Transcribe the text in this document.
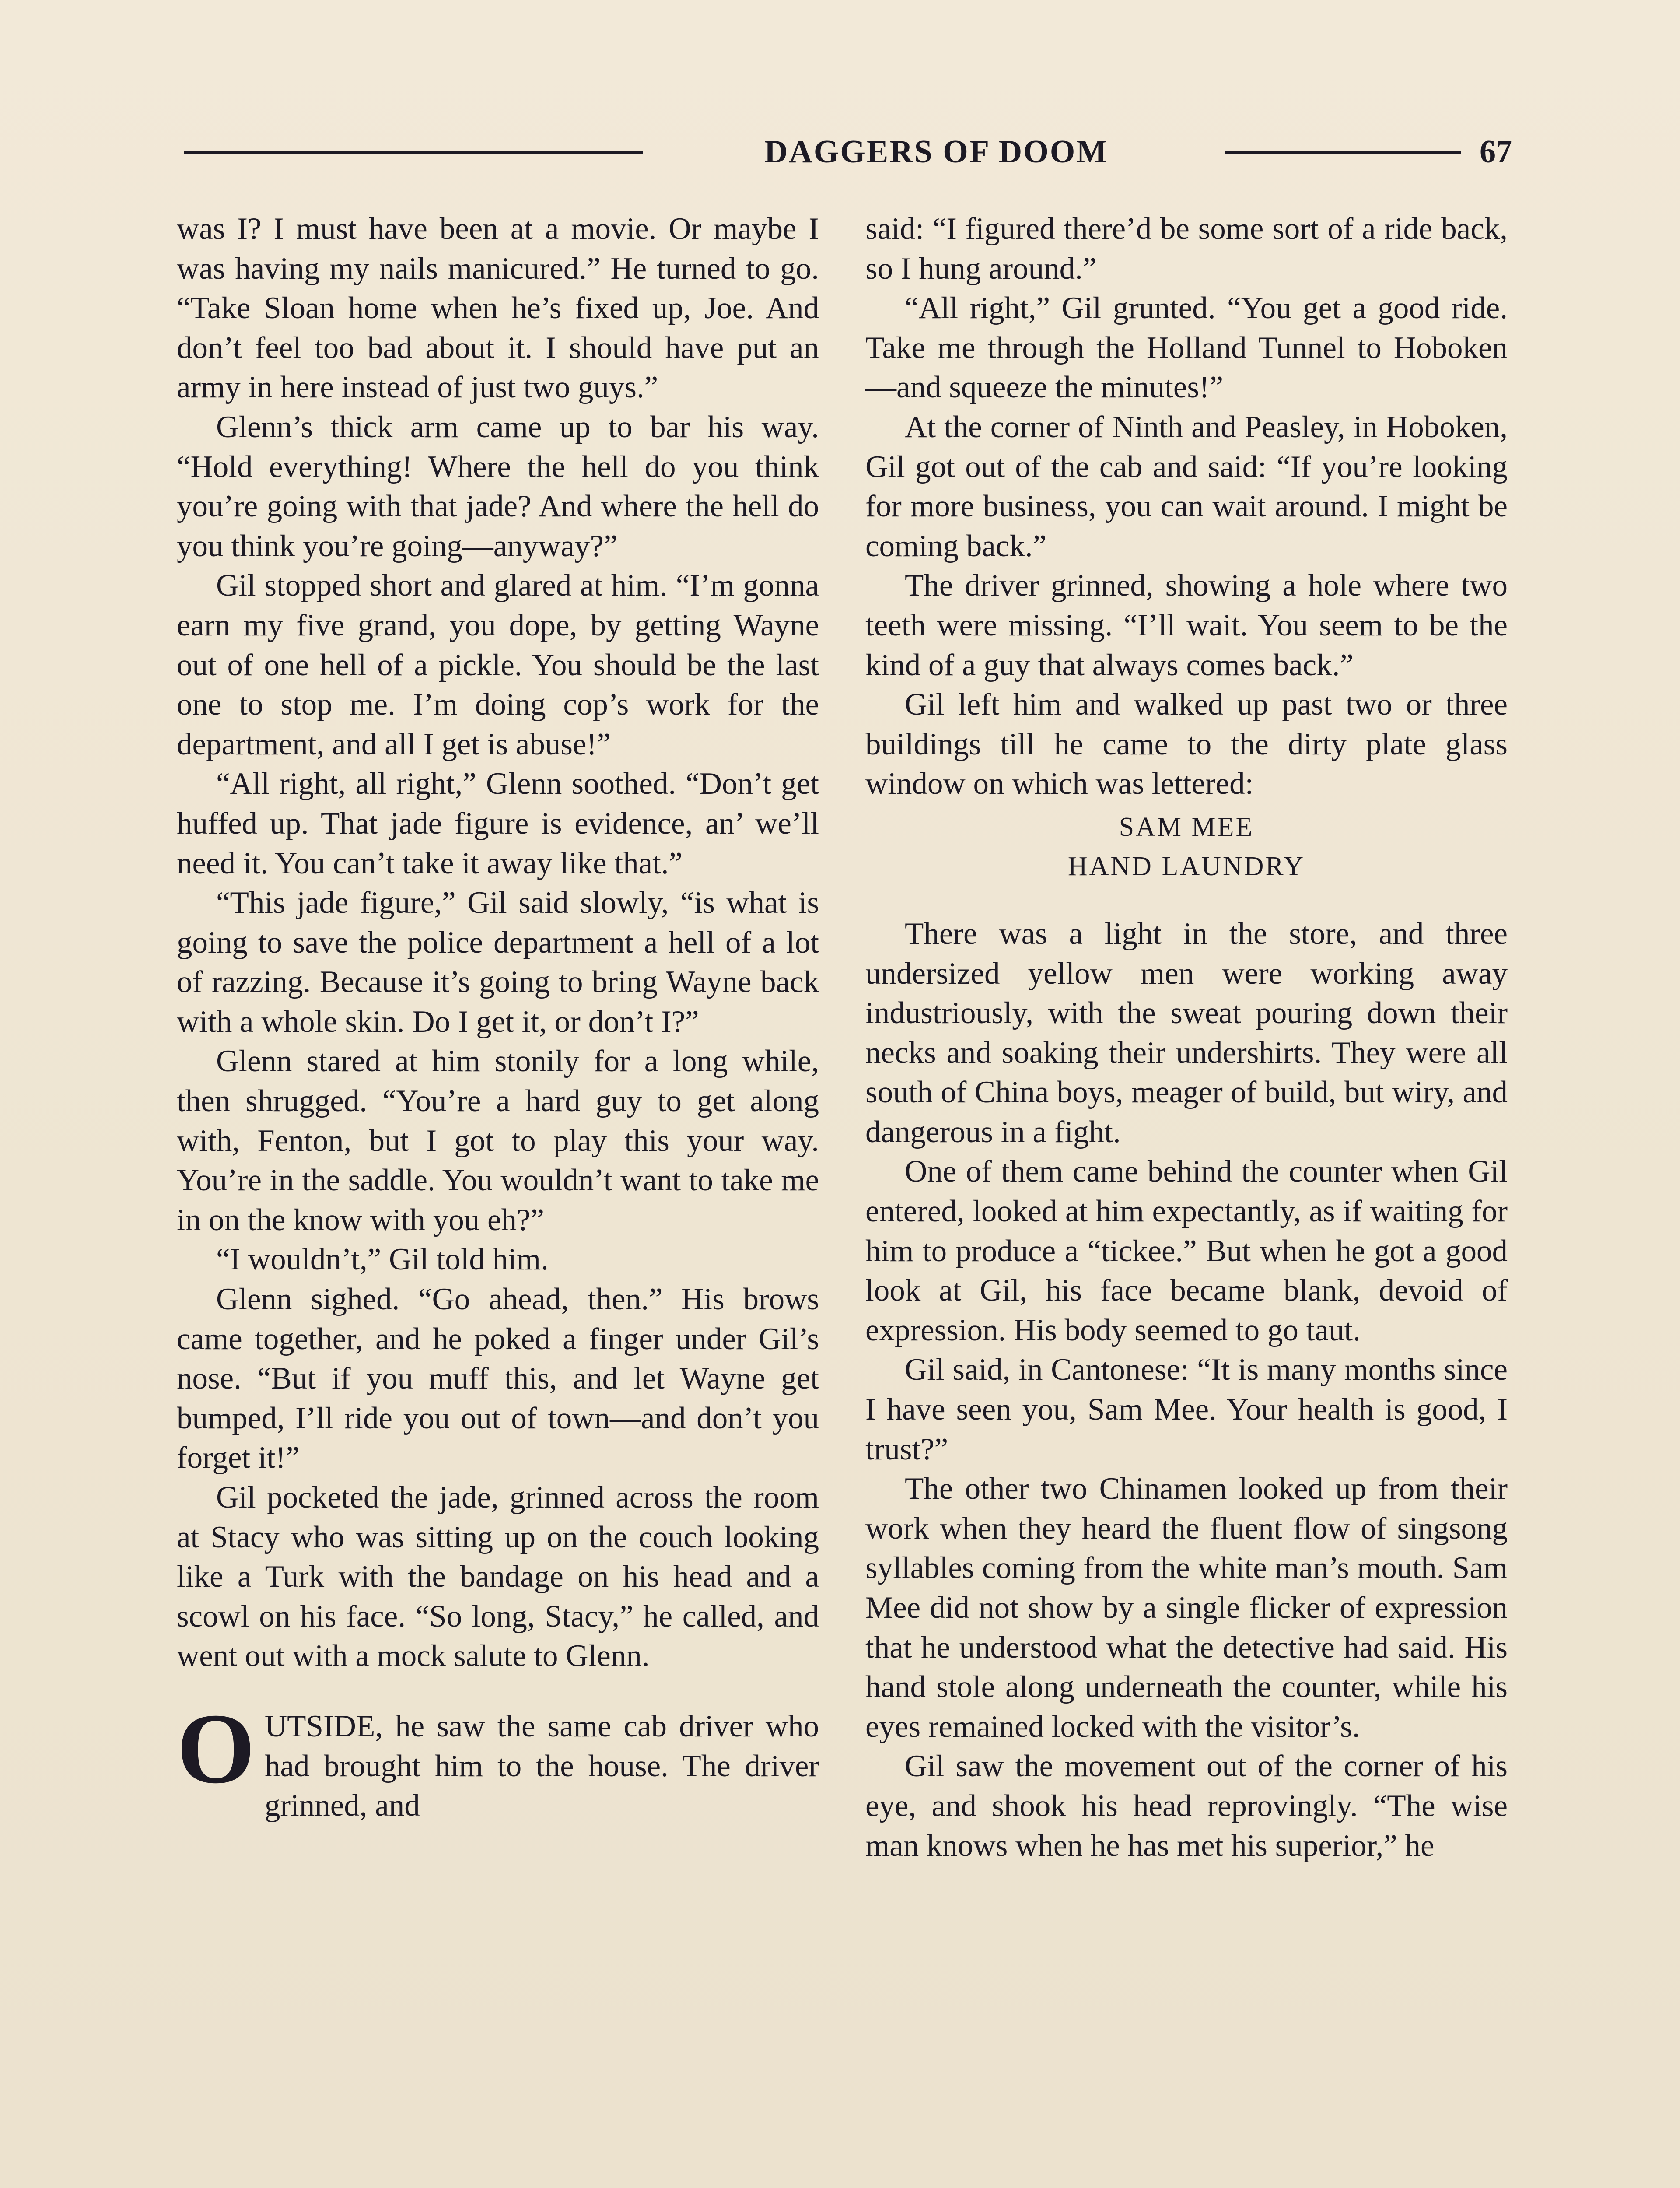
DAGGERS OF DOOM	67

was I? I must have been at a movie. Or maybe I was having my nails manicured.” He turned to go. “Take Sloan home when he’s fixed up, Joe. And don’t feel too bad about it. I should have put an army in here instead of just two guys.”

Glenn’s thick arm came up to bar his way. “Hold everything! Where the hell do you think you’re going with that jade? And where the hell do you think you’re going—anyway?”

Gil stopped short and glared at him. “I’m gonna earn my five grand, you dope, by getting Wayne out of one hell of a pickle. You should be the last one to stop me. I’m doing cop’s work for the department, and all I get is abuse!”

“All right, all right,” Glenn soothed. “Don’t get huffed up. That jade figure is evidence, an’ we’ll need it. You can’t take it away like that.”

“This jade figure,” Gil said slowly, “is what is going to save the police department a hell of a lot of razzing. Because it’s going to bring Wayne back with a whole skin. Do I get it, or don’t I?”

Glenn stared at him stonily for a long while, then shrugged. “You’re a hard guy to get along with, Fenton, but I got to play this your way. You’re in the saddle. You wouldn’t want to take me in on the know with you eh?”

“I wouldn’t,” Gil told him.

Glenn sighed. “Go ahead, then.” His brows came together, and he poked a finger under Gil’s nose. “But if you muff this, and let Wayne get bumped, I’ll ride you out of town—and don’t you forget it!”

Gil pocketed the jade, grinned across the room at Stacy who was sitting up on the couch looking like a Turk with the bandage on his head and a scowl on his face. “So long, Stacy,” he called, and went out with a mock salute to Glenn.

OUTSIDE, he saw the same cab driver who had brought him to the house. The driver grinned, and

said: “I figured there’d be some sort of a ride back, so I hung around.”

“All right,” Gil grunted. “You get a good ride. Take me through the Holland Tunnel to Hoboken—and squeeze the minutes!”

At the corner of Ninth and Peasley, in Hoboken, Gil got out of the cab and said: “If you’re looking for more business, you can wait around. I might be coming back.”

The driver grinned, showing a hole where two teeth were missing. “I’ll wait. You seem to be the kind of a guy that always comes back.”

Gil left him and walked up past two or three buildings till he came to the dirty plate glass window on which was lettered:

SAM MEE

HAND LAUNDRY

There was a light in the store, and three undersized yellow men were working away industriously, with the sweat pouring down their necks and soaking their undershirts. They were all south of China boys, meager of build, but wiry, and dangerous in a fight.

One of them came behind the counter when Gil entered, looked at him expectantly, as if waiting for him to produce a “tickee.” But when he got a good look at Gil, his face became blank, devoid of expression. His body seemed to go taut.

Gil said, in Cantonese: “It is many months since I have seen you, Sam Mee. Your health is good, I trust?”

The other two Chinamen looked up from their work when they heard the fluent flow of singsong syllables coming from the white man’s mouth. Sam Mee did not show by a single flicker of expression that he understood what the detective had said. His hand stole along underneath the counter, while his eyes remained locked with the visitor’s.

Gil saw the movement out of the corner of his eye, and shook his head reprovingly. “The wise man knows when he has met his superior,” he
